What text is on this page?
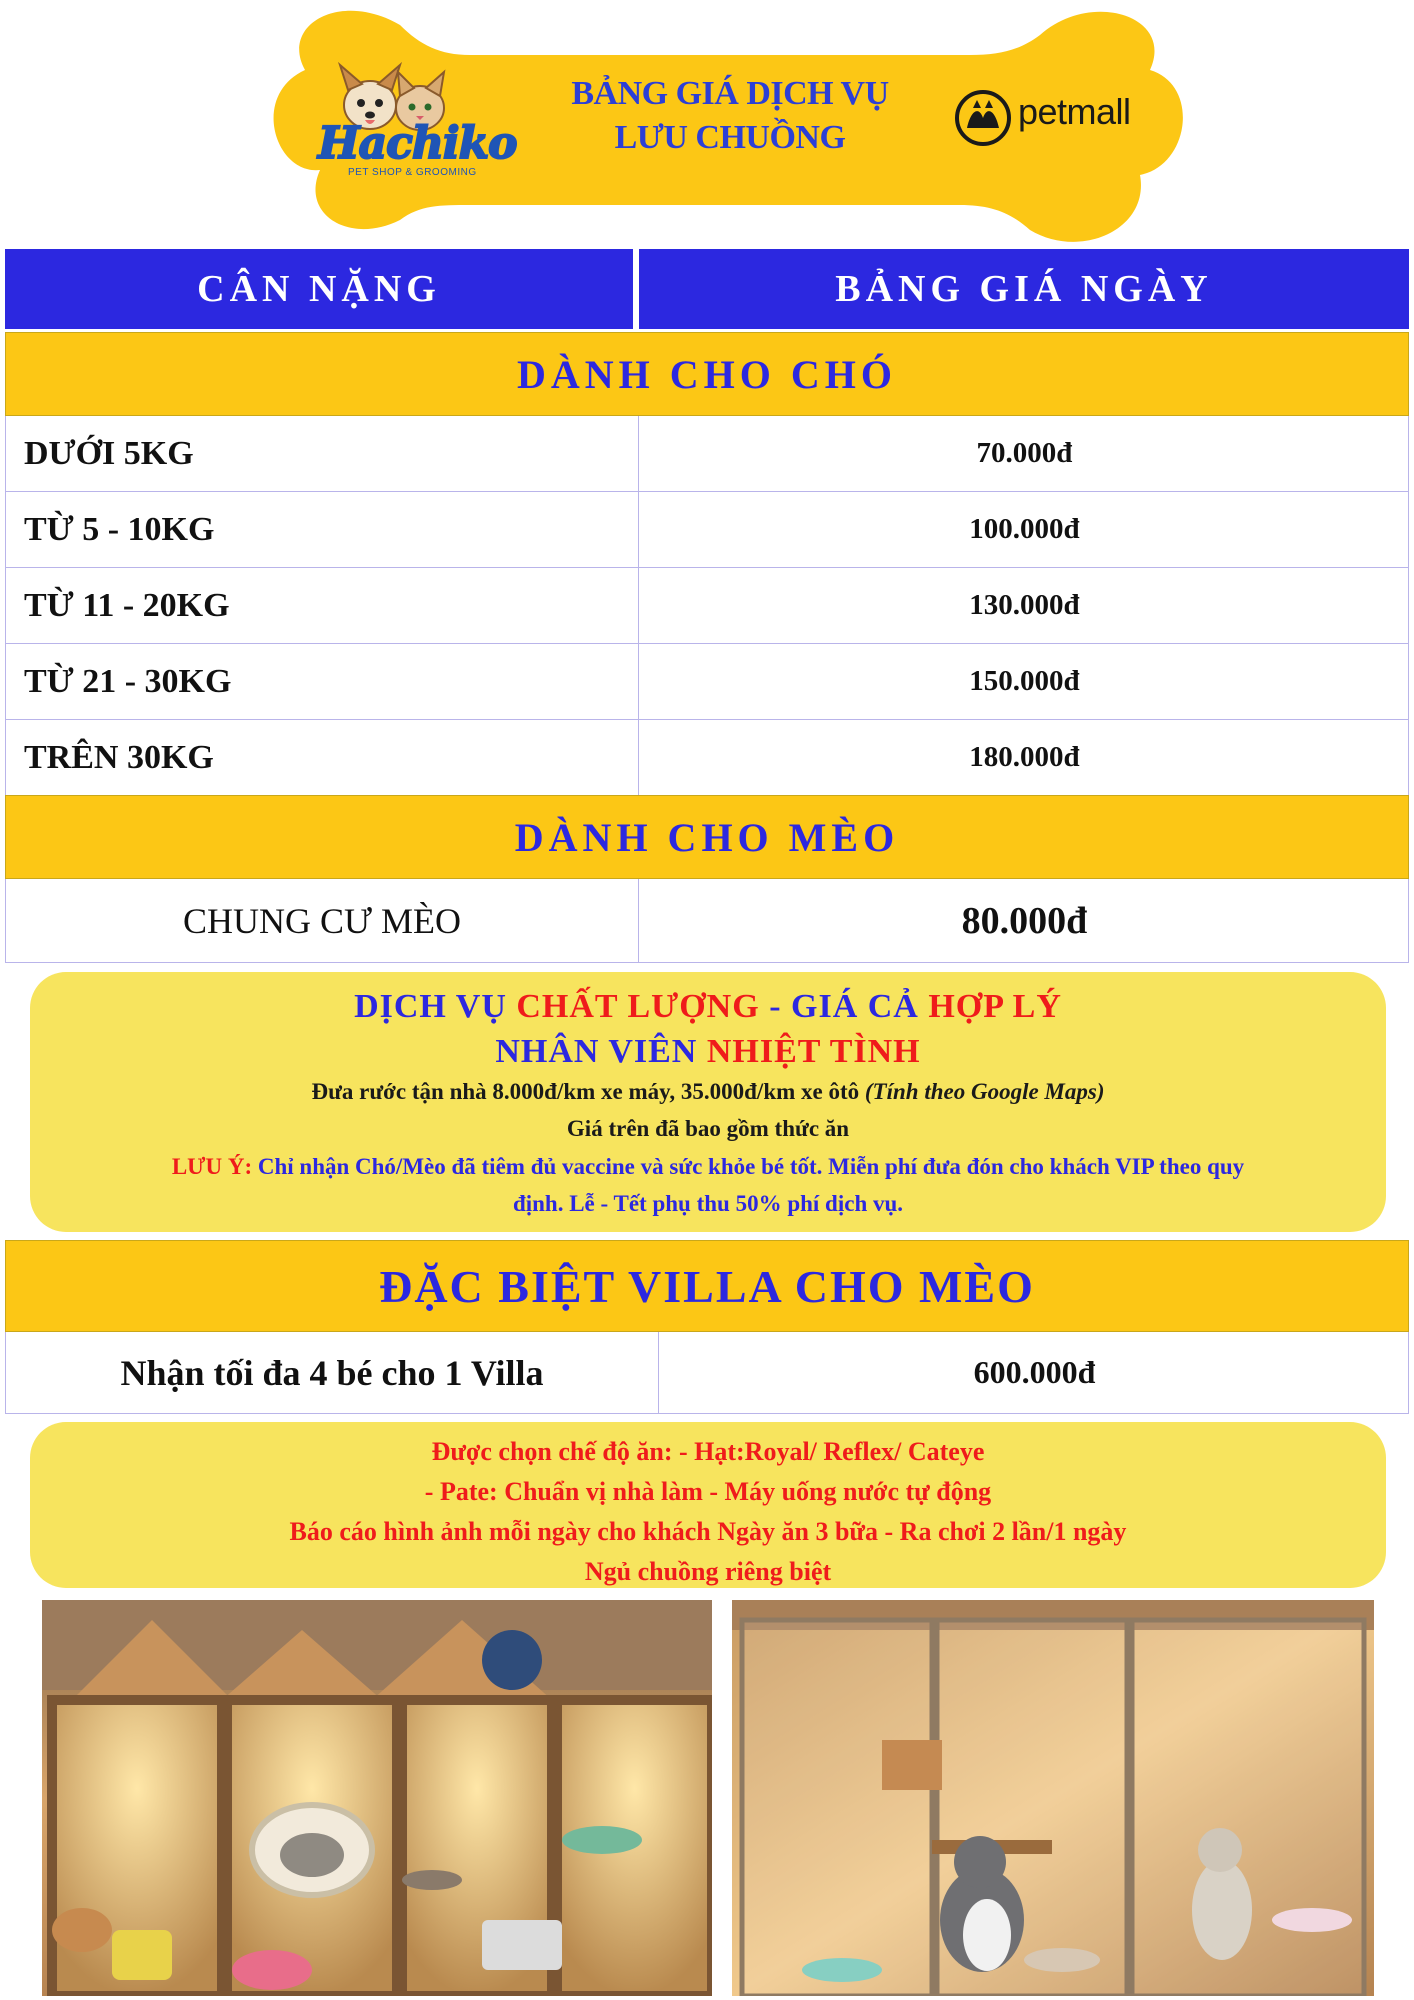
Hachiko
PET SHOP & GROOMING
BẢNG GIÁ DỊCH VỤ
LƯU CHUỒNG
petmall
CÂN NẶNG	BẢNG GIÁ NGÀY
DÀNH CHO CHÓ
DƯỚI 5KG	70.000đ
TỪ 5 - 10KG	100.000đ
TỪ 11 - 20KG	130.000đ
TỪ 21 - 30KG	150.000đ
TRÊN 30KG	180.000đ
DÀNH CHO MÈO
CHUNG CƯ MÈO	80.000đ
DỊCH VỤ CHẤT LƯỢNG - GIÁ CẢ HỢP LÝ
NHÂN VIÊN NHIỆT TÌNH
Đưa rước tận nhà 8.000đ/km xe máy, 35.000đ/km xe ôtô (Tính theo Google Maps)
Giá trên đã bao gồm thức ăn
LƯU Ý: Chỉ nhận Chó/Mèo đã tiêm đủ vaccine và sức khỏe bé tốt. Miễn phí đưa đón cho khách VIP theo quy
định. Lễ - Tết phụ thu 50% phí dịch vụ.
ĐẶC BIỆT VILLA CHO MÈO
Nhận tối đa 4 bé cho 1 Villa	600.000đ
Được chọn chế độ ăn: - Hạt:Royal/ Reflex/ Cateye
- Pate: Chuẩn vị nhà làm - Máy uống nước tự động
Báo cáo hình ảnh mỗi ngày cho khách Ngày ăn 3 bữa - Ra chơi 2 lần/1 ngày
Ngủ chuồng riêng biệt
